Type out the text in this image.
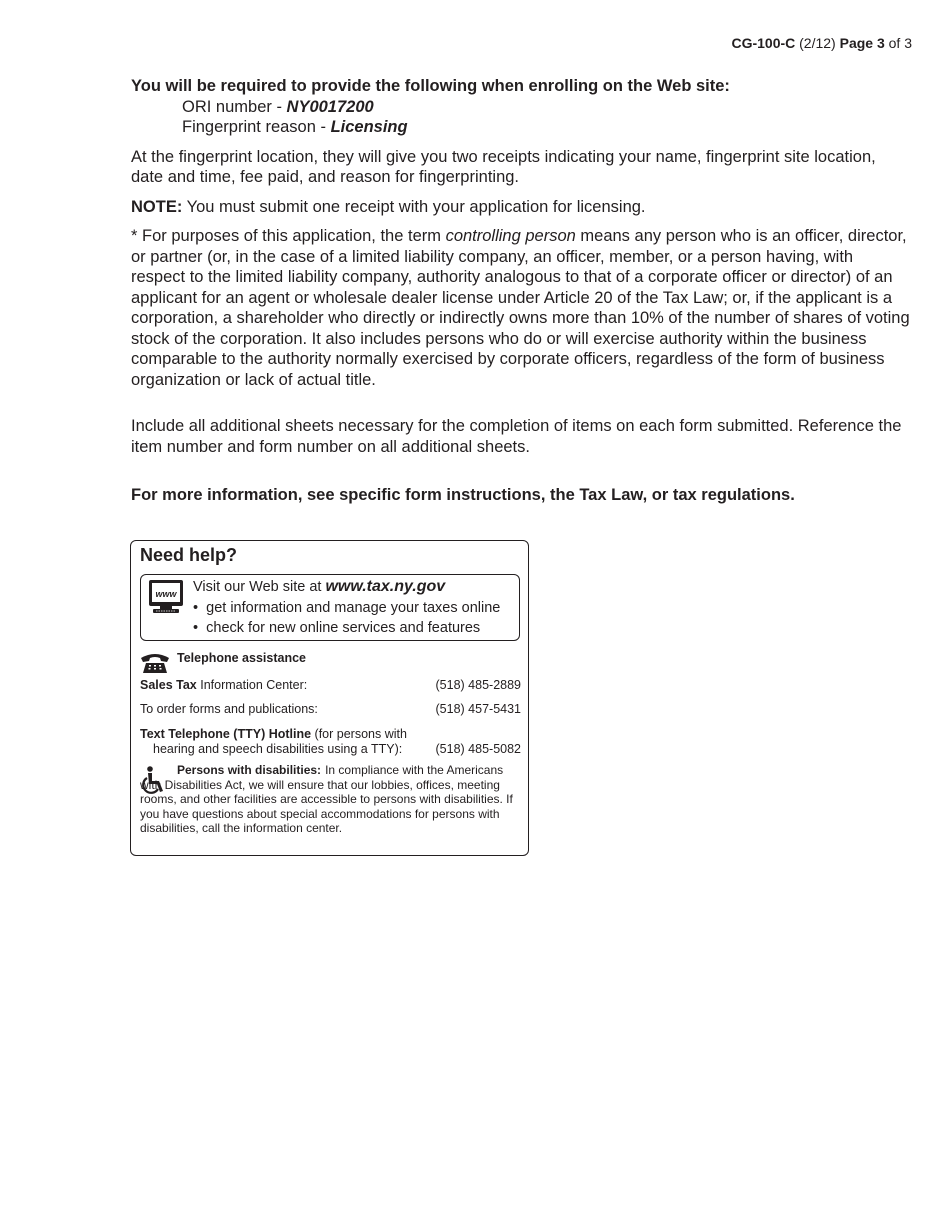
CG-100-C (2/12) Page 3 of 3

You will be required to provide the following when enrolling on the Web site:

ORI number - NY0017200

Fingerprint reason - Licensing

At the fingerprint location, they will give you two receipts indicating your name, fingerprint site location, date and time, fee paid, and reason for fingerprinting.

NOTE: You must submit one receipt with your application for licensing.

* For purposes of this application, the term controlling person means any person who is an officer, director, or partner (or, in the case of a limited liability company, an officer, member, or a person having, with respect to the limited liability company, authority analogous to that of a corporate officer or director) of an applicant for an agent or wholesale dealer license under Article 20 of the Tax Law; or, if the applicant is a corporation, a shareholder who directly or indirectly owns more than 10% of the number of shares of voting stock of the corporation. It also includes persons who do or will exercise authority within the business comparable to the authority normally exercised by corporate officers, regardless of the form of business organization or lack of actual title.

Include all additional sheets necessary for the completion of items on each form submitted. Reference the item number and form number on all additional sheets.

For more information, see specific form instructions, the Tax Law, or tax regulations.

Need help?
www Visit our Web site at www.tax.ny.gov
•  get information and manage your taxes online
•  check for new online services and features
Telephone assistance
Sales Tax Information Center:	(518) 485-2889
To order forms and publications:	(518) 457-5431
Text Telephone (TTY) Hotline (for persons with
hearing and speech disabilities using a TTY):	(518) 485-5082
Persons with disabilities: In compliance with the Americans with Disabilities Act, we will ensure that our lobbies, offices, meeting rooms, and other facilities are accessible to persons with disabilities. If you have questions about special accommodations for persons with disabilities, call the information center.
